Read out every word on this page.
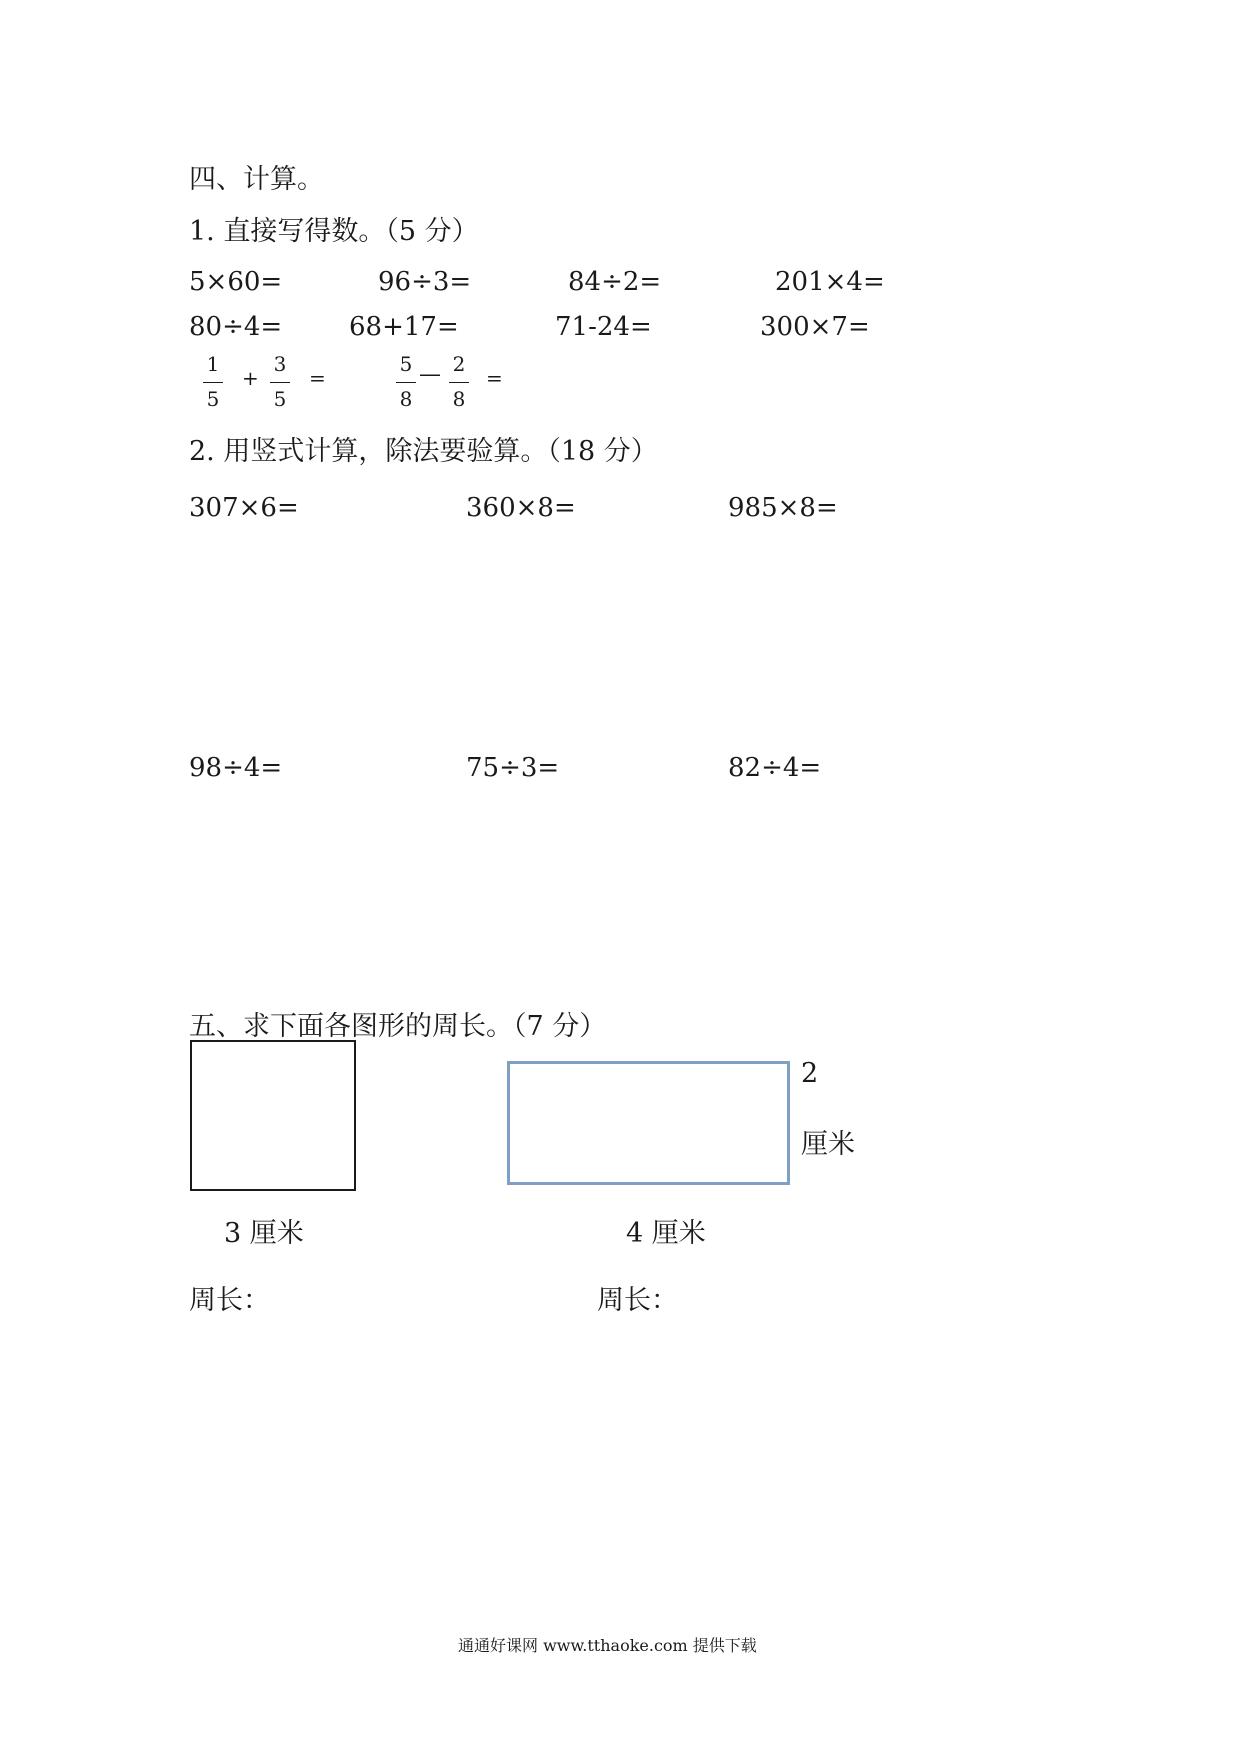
四、计算。
1. 直接写得数。（5 分）
5×60=	96÷3=	84÷2=	201×4=
80÷4=	68+17=	71-24=	300×7=
1
5
+
3
5
=
5
8
— 2
8
=
2. 用竖式计算，除法要验算。（18 分）
307×6=	360×8=	985×8=
98÷4=	75÷3=	82÷4=
五、求下面各图形的周长。（7 分）
3 厘米
周长：
2
厘米
4 厘米
周长：
通通好课网 www.tthaoke.com 提供下载
